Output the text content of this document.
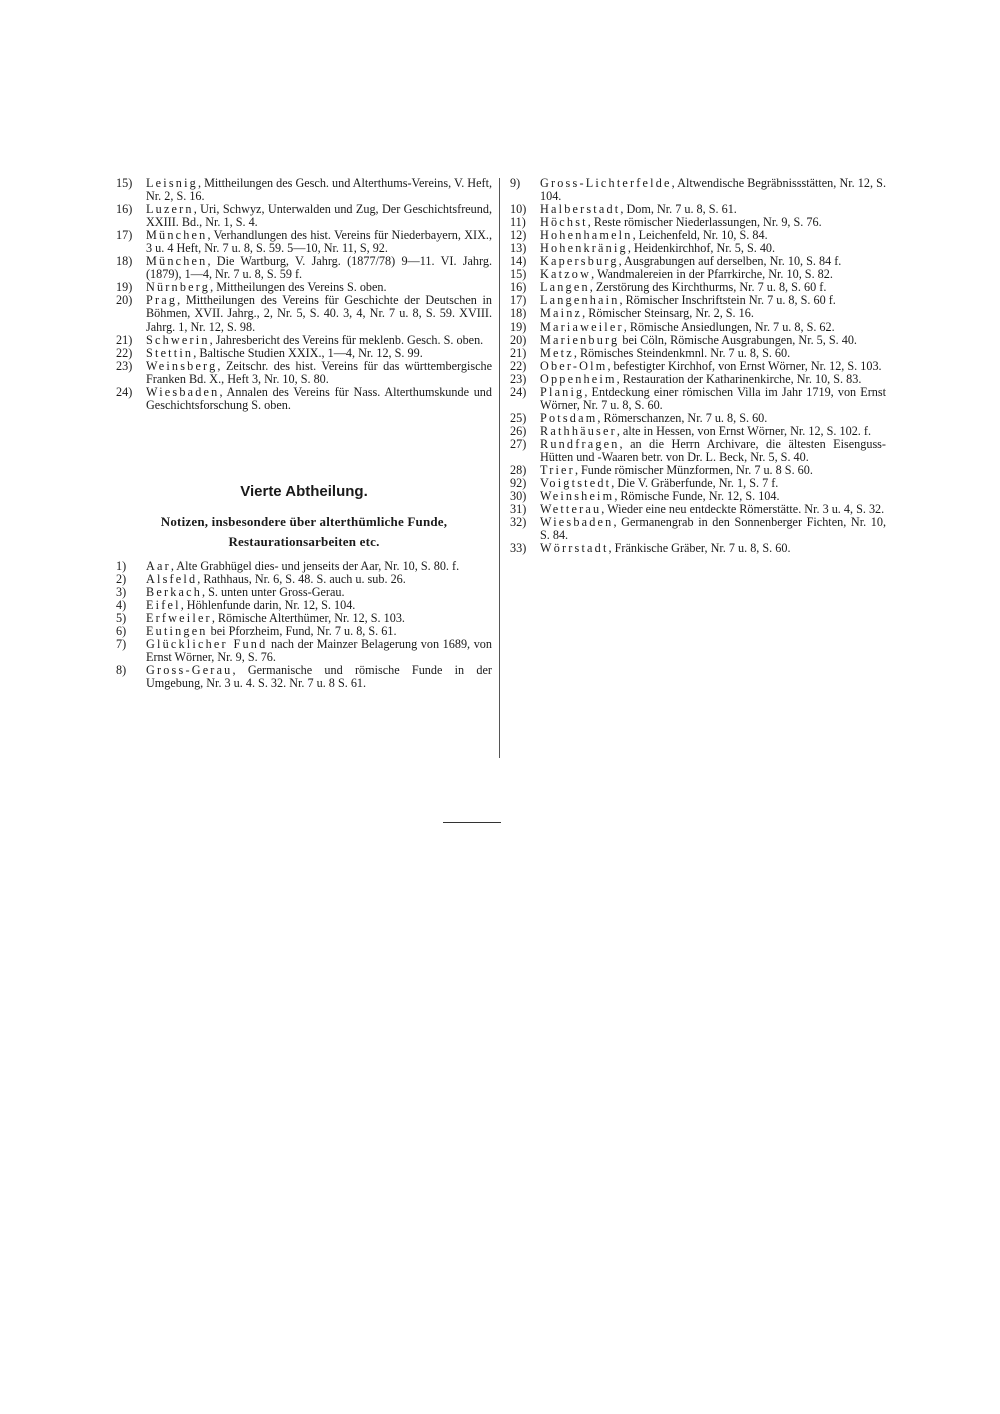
15)	Leisnig, Mittheilungen des Gesch. und Alterthums-Vereins, V. Heft, Nr. 2, S. 16.
16)	Luzern, Uri, Schwyz, Unterwalden und Zug, Der Geschichtsfreund, XXIII. Bd., Nr. 1, S. 4.
17)	München, Verhandlungen des hist. Vereins für Niederbayern, XIX., 3 u. 4 Heft, Nr. 7 u. 8, S. 59. 5—10, Nr. 11, S, 92.
18)	München, Die Wartburg, V. Jahrg. (1877/78) 9—11. VI. Jahrg. (1879), 1—4, Nr. 7 u. 8, S. 59 f.
19)	Nürnberg, Mittheilungen des Vereins S. oben.
20)	Prag, Mittheilungen des Vereins für Geschichte der Deutschen in Böhmen, XVII. Jahrg., 2, Nr. 5, S. 40. 3, 4, Nr. 7 u. 8, S. 59. XVIII. Jahrg. 1, Nr. 12, S. 98.
21)	Schwerin, Jahresbericht des Vereins für meklenb. Gesch. S. oben.
22)	Stettin, Baltische Studien XXIX., 1—4, Nr. 12, S. 99.
23)	Weinsberg, Zeitschr. des hist. Vereins für das württembergische Franken Bd. X., Heft 3, Nr. 10, S. 80.
24)	Wiesbaden, Annalen des Vereins für Nass. Alterthumskunde und Geschichtsforschung S. oben.
Vierte Abtheilung.
Notizen, insbesondere über alterthümliche Funde,
Restaurationsarbeiten etc.
1)	Aar, Alte Grabhügel dies- und jenseits der Aar, Nr. 10, S. 80. f.
2)	Alsfeld, Rathhaus, Nr. 6, S. 48. S. auch u. sub. 26.
3)	Berkach, S. unten unter Gross-Gerau.
4)	Eifel, Höhlenfunde darin, Nr. 12, S. 104.
5)	Erfweiler, Römische Alterthümer, Nr. 12, S. 103.
6)	Eutingen bei Pforzheim, Fund, Nr. 7 u. 8, S. 61.
7)	Glücklicher Fund nach der Mainzer Belagerung von 1689, von Ernst Wörner, Nr. 9, S. 76.
8)	Gross-Gerau, Germanische und römische Funde in der Umgebung, Nr. 3 u. 4. S. 32. Nr. 7 u. 8 S. 61.
9)	Gross-Lichterfelde, Altwendische Begräbnissstätten, Nr. 12, S. 104.
10)	Halberstadt, Dom, Nr. 7 u. 8, S. 61.
11)	Höchst, Reste römischer Niederlassungen, Nr. 9, S. 76.
12)	Hohenhameln, Leichenfeld, Nr. 10, S. 84.
13)	Hohenkränig, Heidenkirchhof, Nr. 5, S. 40.
14)	Kapersburg, Ausgrabungen auf derselben, Nr. 10, S. 84 f.
15)	Katzow, Wandmalereien in der Pfarrkirche, Nr. 10, S. 82.
16)	Langen, Zerstörung des Kirchthurms, Nr. 7 u. 8, S. 60 f.
17)	Langenhain, Römischer Inschriftstein Nr. 7 u. 8, S. 60 f.
18)	Mainz, Römischer Steinsarg, Nr. 2, S. 16.
19)	Mariaweiler, Römische Ansiedlungen, Nr. 7 u. 8, S. 62.
20)	Marienburg bei Cöln, Römische Ausgrabungen, Nr. 5, S. 40.
21)	Metz, Römisches Steindenkmnl. Nr. 7 u. 8, S. 60.
22)	Ober-Olm, befestigter Kirchhof, von Ernst Wörner, Nr. 12, S. 103.
23)	Oppenheim, Restauration der Katharinenkirche, Nr. 10, S. 83.
24)	Planig, Entdeckung einer römischen Villa im Jahr 1719, von Ernst Wörner, Nr. 7 u. 8, S. 60.
25)	Potsdam, Römerschanzen, Nr. 7 u. 8, S. 60.
26)	Rathhäuser, alte in Hessen, von Ernst Wörner, Nr. 12, S. 102. f.
27)	Rundfragen, an die Herrn Archivare, die ältesten Eisenguss-Hütten und -Waaren betr. von Dr. L. Beck, Nr. 5, S. 40.
28)	Trier, Funde römischer Münzformen, Nr. 7 u. 8 S. 60.
92)	Voigtstedt, Die V. Gräberfunde, Nr. 1, S. 7 f.
30)	Weinsheim, Römische Funde, Nr. 12, S. 104.
31)	Wetterau, Wieder eine neu entdeckte Römerstätte. Nr. 3 u. 4, S. 32.
32)	Wiesbaden, Germanengrab in den Sonnenberger Fichten, Nr. 10, S. 84.
33)	Wörrstadt, Fränkische Gräber, Nr. 7 u. 8, S. 60.
